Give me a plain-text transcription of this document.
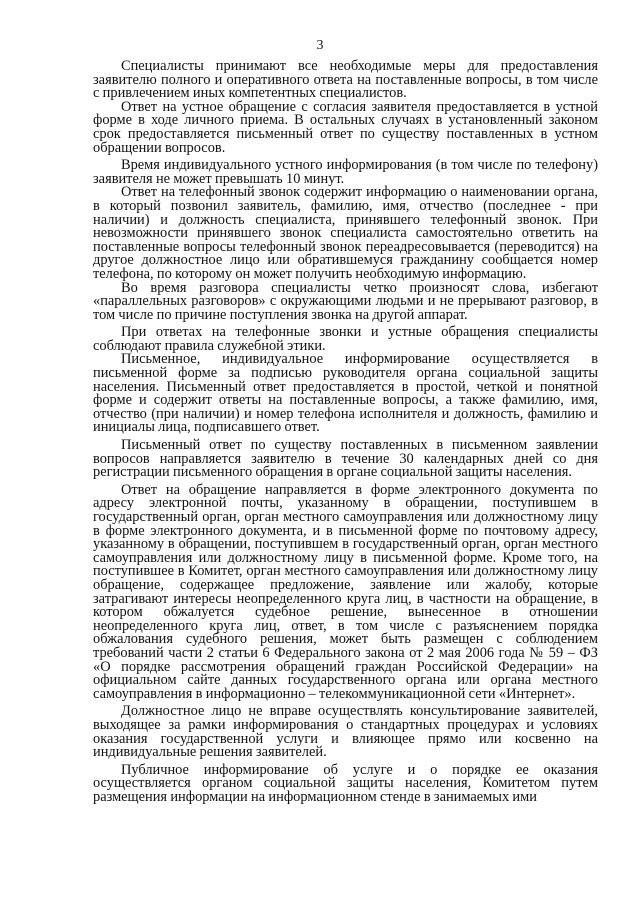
3

Специалисты принимают все необходимые меры для предоставления заявителю полного и оперативного ответа на поставленные вопросы, в том числе с привлечением иных компетентных специалистов.

Ответ на устное обращение с согласия заявителя предоставляется в устной форме в ходе личного приема. В остальных случаях в установленный законом срок предоставляется письменный ответ по существу поставленных в устном обращении вопросов.

Время индивидуального устного информирования (в том числе по телефону) заявителя не может превышать 10 минут.

Ответ на телефонный звонок содержит информацию о наименовании органа, в который позвонил заявитель, фамилию, имя, отчество (последнее - при наличии) и должность специалиста, принявшего телефонный звонок. При невозможности принявшего звонок специалиста самостоятельно ответить на поставленные вопросы телефонный звонок переадресовывается (переводится) на другое должностное лицо или обратившемуся гражданину сообщается номер телефона, по которому он может получить необходимую информацию.

Во время разговора специалисты четко произносят слова, избегают «параллельных разговоров» с окружающими людьми и не прерывают разговор, в том числе по причине поступления звонка на другой аппарат.

При ответах на телефонные звонки и устные обращения специалисты соблюдают правила служебной этики.

Письменное, индивидуальное информирование осуществляется в письменной форме за подписью руководителя органа социальной защиты населения. Письменный ответ предоставляется в простой, четкой и понятной форме и содержит ответы на поставленные вопросы, а также фамилию, имя, отчество (при наличии) и номер телефона исполнителя и должность, фамилию и инициалы лица, подписавшего ответ.

Письменный ответ по существу поставленных в письменном заявлении вопросов направляется заявителю в течение 30 календарных дней со дня регистрации письменного обращения в органе социальной защиты населения.

Ответ на обращение направляется в форме электронного документа по адресу электронной почты, указанному в обращении, поступившем в государственный орган, орган местного самоуправления или должностному лицу в форме электронного документа, и в письменной форме по почтовому адресу, указанному в обращении, поступившем в государственный орган, орган местного самоуправления или должностному лицу в письменной форме. Кроме того, на поступившее в Комитет, орган местного самоуправления или должностному лицу обращение, содержащее предложение, заявление или жалобу, которые затрагивают интересы неопределенного круга лиц, в частности на обращение, в котором обжалуется судебное решение, вынесенное в отношении неопределенного круга лиц, ответ, в том числе с разъяснением порядка обжалования судебного решения, может быть размещен с соблюдением требований части 2 статьи 6 Федерального закона от 2 мая 2006 года № 59 – ФЗ «О порядке рассмотрения обращений граждан Российской Федерации» на официальном сайте данных государственного органа или органа местного самоуправления в информационно – телекоммуникационной сети «Интернет».

Должностное лицо не вправе осуществлять консультирование заявителей, выходящее за рамки информирования о стандартных процедурах и условиях оказания государственной услуги и влияющее прямо или косвенно на индивидуальные решения заявителей.

Публичное информирование об услуге и о порядке ее оказания осуществляется органом социальной защиты населения, Комитетом путем размещения информации на информационном стенде в занимаемых ими
